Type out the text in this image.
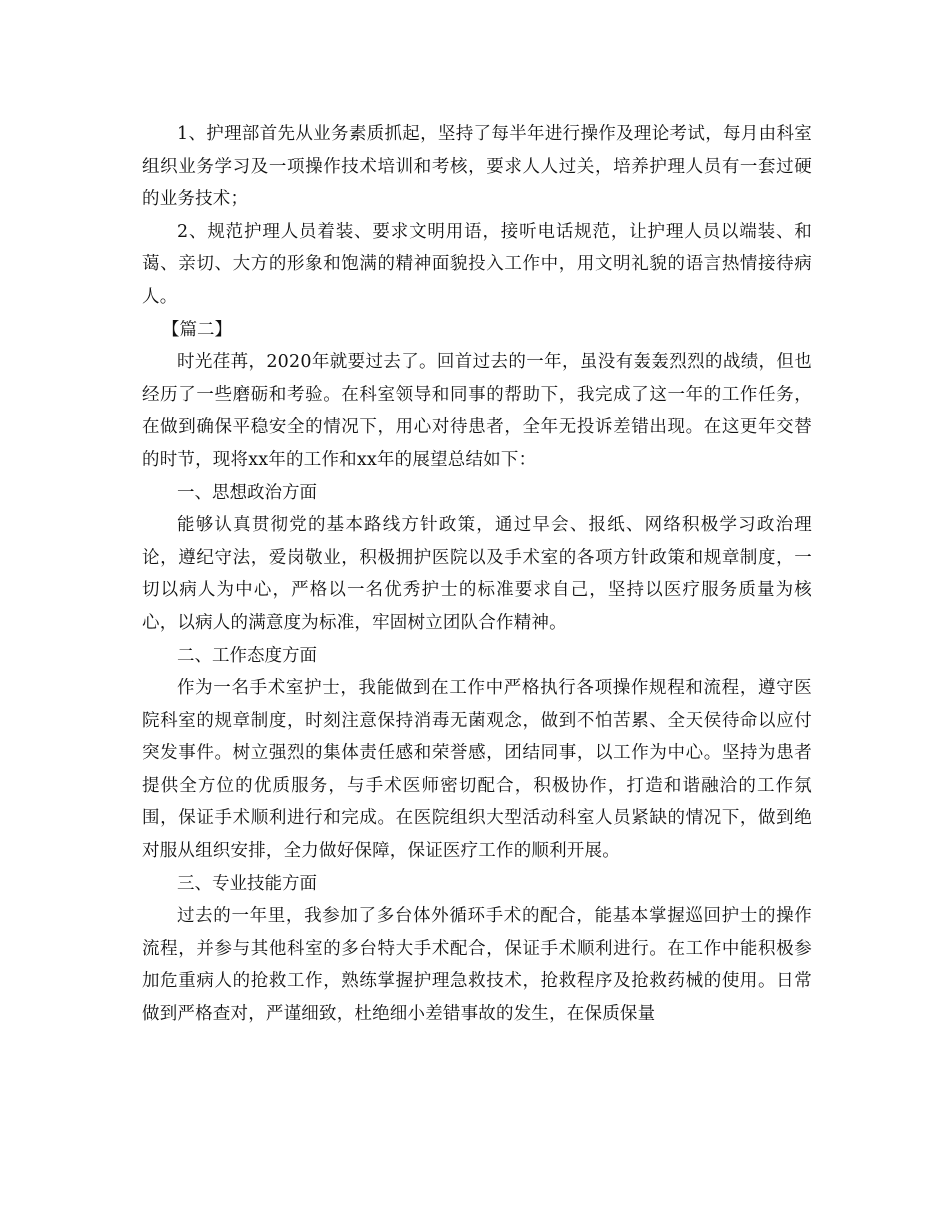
1、护理部首先从业务素质抓起，坚持了每半年进行操作及理论考试，每月由科室组织业务学习及一项操作技术培训和考核，要求人人过关，培养护理人员有一套过硬的业务技术；

2、规范护理人员着装、要求文明用语，接听电话规范，让护理人员以端装、和蔼、亲切、大方的形象和饱满的精神面貌投入工作中，用文明礼貌的语言热情接待病人。

【篇二】

时光荏苒，2020年就要过去了。回首过去的一年，虽没有轰轰烈烈的战绩，但也经历了一些磨砺和考验。在科室领导和同事的帮助下，我完成了这一年的工作任务，在做到确保平稳安全的情况下，用心对待患者，全年无投诉差错出现。在这更年交替的时节，现将xx年的工作和xx年的展望总结如下：

一、思想政治方面

能够认真贯彻党的基本路线方针政策，通过早会、报纸、网络积极学习政治理论，遵纪守法，爱岗敬业，积极拥护医院以及手术室的各项方针政策和规章制度，一切以病人为中心，严格以一名优秀护士的标准要求自己，坚持以医疗服务质量为核心，以病人的满意度为标准，牢固树立团队合作精神。

二、工作态度方面

作为一名手术室护士，我能做到在工作中严格执行各项操作规程和流程，遵守医院科室的规章制度，时刻注意保持消毒无菌观念，做到不怕苦累、全天侯待命以应付突发事件。树立强烈的集体责任感和荣誉感，团结同事，以工作为中心。坚持为患者提供全方位的优质服务，与手术医师密切配合，积极协作，打造和谐融洽的工作氛围，保证手术顺利进行和完成。在医院组织大型活动科室人员紧缺的情况下，做到绝对服从组织安排，全力做好保障，保证医疗工作的顺利开展。

三、专业技能方面

过去的一年里，我参加了多台体外循环手术的配合，能基本掌握巡回护士的操作流程，并参与其他科室的多台特大手术配合，保证手术顺利进行。在工作中能积极参加危重病人的抢救工作，熟练掌握护理急救技术，抢救程序及抢救药械的使用。日常做到严格查对，严谨细致，杜绝细小差错事故的发生，在保质保量
